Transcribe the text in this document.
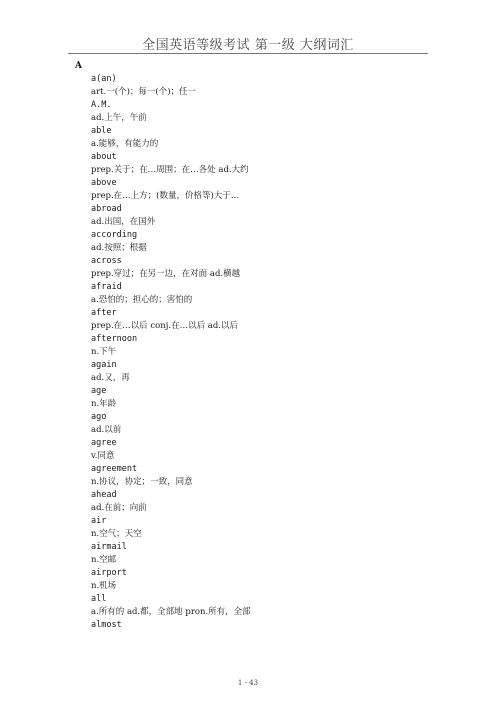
全国英语等级考试 第一级 大纲词汇
A
a(an)
art.一(个)；每一(个)；任一
A.M.
ad.上午，午前
able
a.能够，有能力的
about
prep.关于；在…周围；在…各处 ad.大约
above
prep.在…上方；(数量，价格等)大于…
abroad
ad.出国，在国外
according
ad.按照；根据
across
prep.穿过；在另一边，在对面 ad.横越
afraid
a.恐怕的；担心的；害怕的
after
prep.在…以后 conj.在…以后 ad.以后
afternoon
n.下午
again
ad.又，再
age
n.年龄
ago
ad.以前
agree
v.同意
agreement
n.协议，协定；一致，同意
ahead
ad.在前；向前
air
n.空气；天空
airmail
n.空邮
airport
n.机场
all
a.所有的 ad.都，全部地 pron.所有，全部
almost
1 - 43
